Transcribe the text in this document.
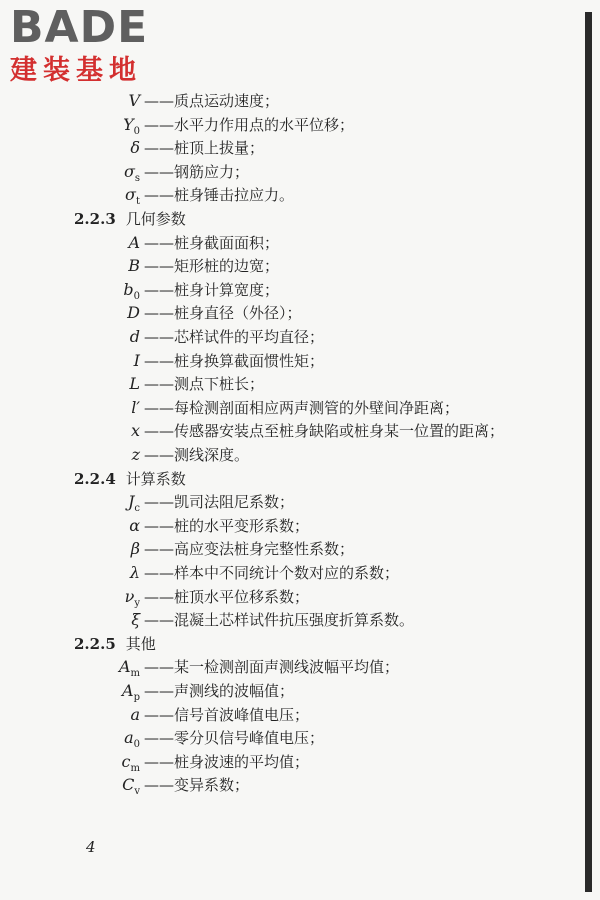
BADE
建装基地
V ——质点运动速度；
$Y_0$ ——水平力作用点的水平位移；
δ ——桩顶上拔量；
$\sigma_s$ ——钢筋应力；
$\sigma_t$ ——桩身锤击拉应力。
2.2.3 几何参数
A ——桩身截面面积；
B ——矩形桩的边宽；
$b_0$ ——桩身计算宽度；
D ——桩身直径（外径）；
d ——芯样试件的平均直径；
I ——桩身换算截面惯性矩；
L ——测点下桩长；
l′ ——每检测剖面相应两声测管的外壁间净距离；
x ——传感器安装点至桩身缺陷或桩身某一位置的距离；
z ——测线深度。
2.2.4 计算系数
$J_c$ ——凯司法阻尼系数；
α ——桩的水平变形系数；
β ——高应变法桩身完整性系数；
λ ——样本中不同统计个数对应的系数；
$\nu_y$ ——桩顶水平位移系数；
ξ ——混凝土芯样试件抗压强度折算系数。
2.2.5 其他
$A_m$ ——某一检测剖面声测线波幅平均值；
$A_p$ ——声测线的波幅值；
a ——信号首波峰值电压；
$a_0$ ——零分贝信号峰值电压；
$c_m$ ——桩身波速的平均值；
$C_v$ ——变异系数；
4
